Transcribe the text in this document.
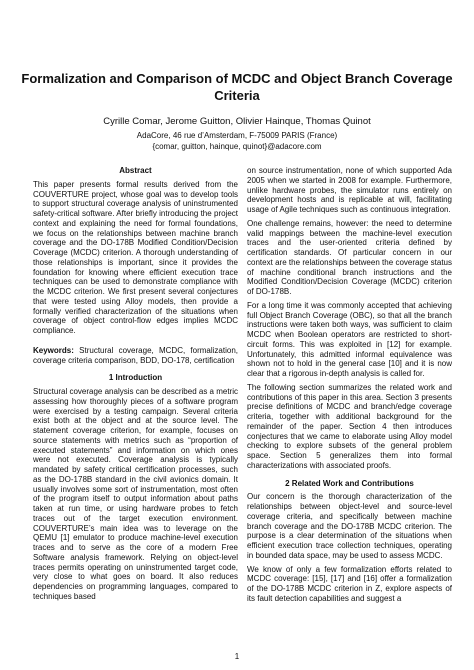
Formalization and Comparison of MCDC and Object Branch Coverage
Criteria
Cyrille Comar, Jerome Guitton, Olivier Hainque, Thomas Quinot
AdaCore, 46 rue d’Amsterdam, F-75009 PARIS (France)
{comar, guitton, hainque, quinot}@adacore.com
Abstract
This paper presents formal results derived from the COUVERTURE project, whose goal was to develop tools to support structural coverage analysis of uninstrumented safety-critical software. After briefly introducing the project context and explaining the need for formal foundations, we focus on the relationships between machine branch coverage and the DO-178B Modified Condition/Decision Coverage (MCDC) criterion. A thorough understanding of those relationships is important, since it provides the foundation for knowing where efficient execution trace techniques can be used to demonstrate compliance with the MCDC criterion. We first present several conjectures that were tested using Alloy models, then provide a formally verified characterization of the situations when coverage of object control-flow edges implies MCDC compliance.
Keywords: Structural coverage, MCDC, formalization, coverage criteria comparison, BDD, DO-178, certification
1 Introduction
Structural coverage analysis can be described as a metric assessing how thoroughly pieces of a software program were exercised by a testing campaign. Several criteria exist both at the object and at the source level. The statement coverage criterion, for example, focuses on source statements with metrics such as “proportion of executed statements” and information on which ones were not executed. Coverage analysis is typically mandated by safety critical certification processes, such as the DO-178B standard in the civil avionics domain. It usually involves some sort of instrumentation, most often of the program itself to output information about paths taken at run time, or using hardware probes to fetch traces out of the target execution environment. COUVERTURE’s main idea was to leverage on the QEMU [1] emulator to produce machine-level execution traces and to serve as the core of a modern Free Software analysis framework. Relying on object-level traces permits operating on uninstrumented target code, very close to what goes on board. It also reduces dependencies on programming languages, compared to techniques based
on source instrumentation, none of which supported Ada 2005 when we started in 2008 for example. Furthermore, unlike hardware probes, the simulator runs entirely on development hosts and is replicable at will, facilitating usage of Agile techniques such as continuous integration.
One challenge remains, however: the need to determine valid mappings between the machine-level execution traces and the user-oriented criteria defined by certification standards. Of particular concern in our context are the relationships between the coverage status of machine conditional branch instructions and the Modified Condition/Decision Coverage (MCDC) criterion of DO-178B.
For a long time it was commonly accepted that achieving full Object Branch Coverage (OBC), so that all the branch instructions were taken both ways, was sufficient to claim MCDC when Boolean operators are restricted to short-circuit forms. This was exploited in [12] for example. Unfortunately, this admitted informal equivalence was shown not to hold in the general case [10] and it is now clear that a rigorous in-depth analysis is called for.
The following section summarizes the related work and contributions of this paper in this area. Section 3 presents precise definitions of MCDC and branch/edge coverage criteria, together with additional background for the remainder of the paper. Section 4 then introduces conjectures that we came to elaborate using Alloy model checking to explore subsets of the general problem space. Section 5 generalizes them into formal characterizations with associated proofs.
2 Related Work and Contributions
Our concern is the thorough characterization of the relationships between object-level and source-level coverage criteria, and specifically between machine branch coverage and the DO-178B MCDC criterion. The purpose is a clear determination of the situations when efficient execution trace collection techniques, operating in bounded data space, may be used to assess MCDC.
We know of only a few formalization efforts related to MCDC coverage: [15], [17] and [16] offer a formalization of the DO-178B MCDC criterion in Z, explore aspects of its fault detection capabilities and suggest a
1
